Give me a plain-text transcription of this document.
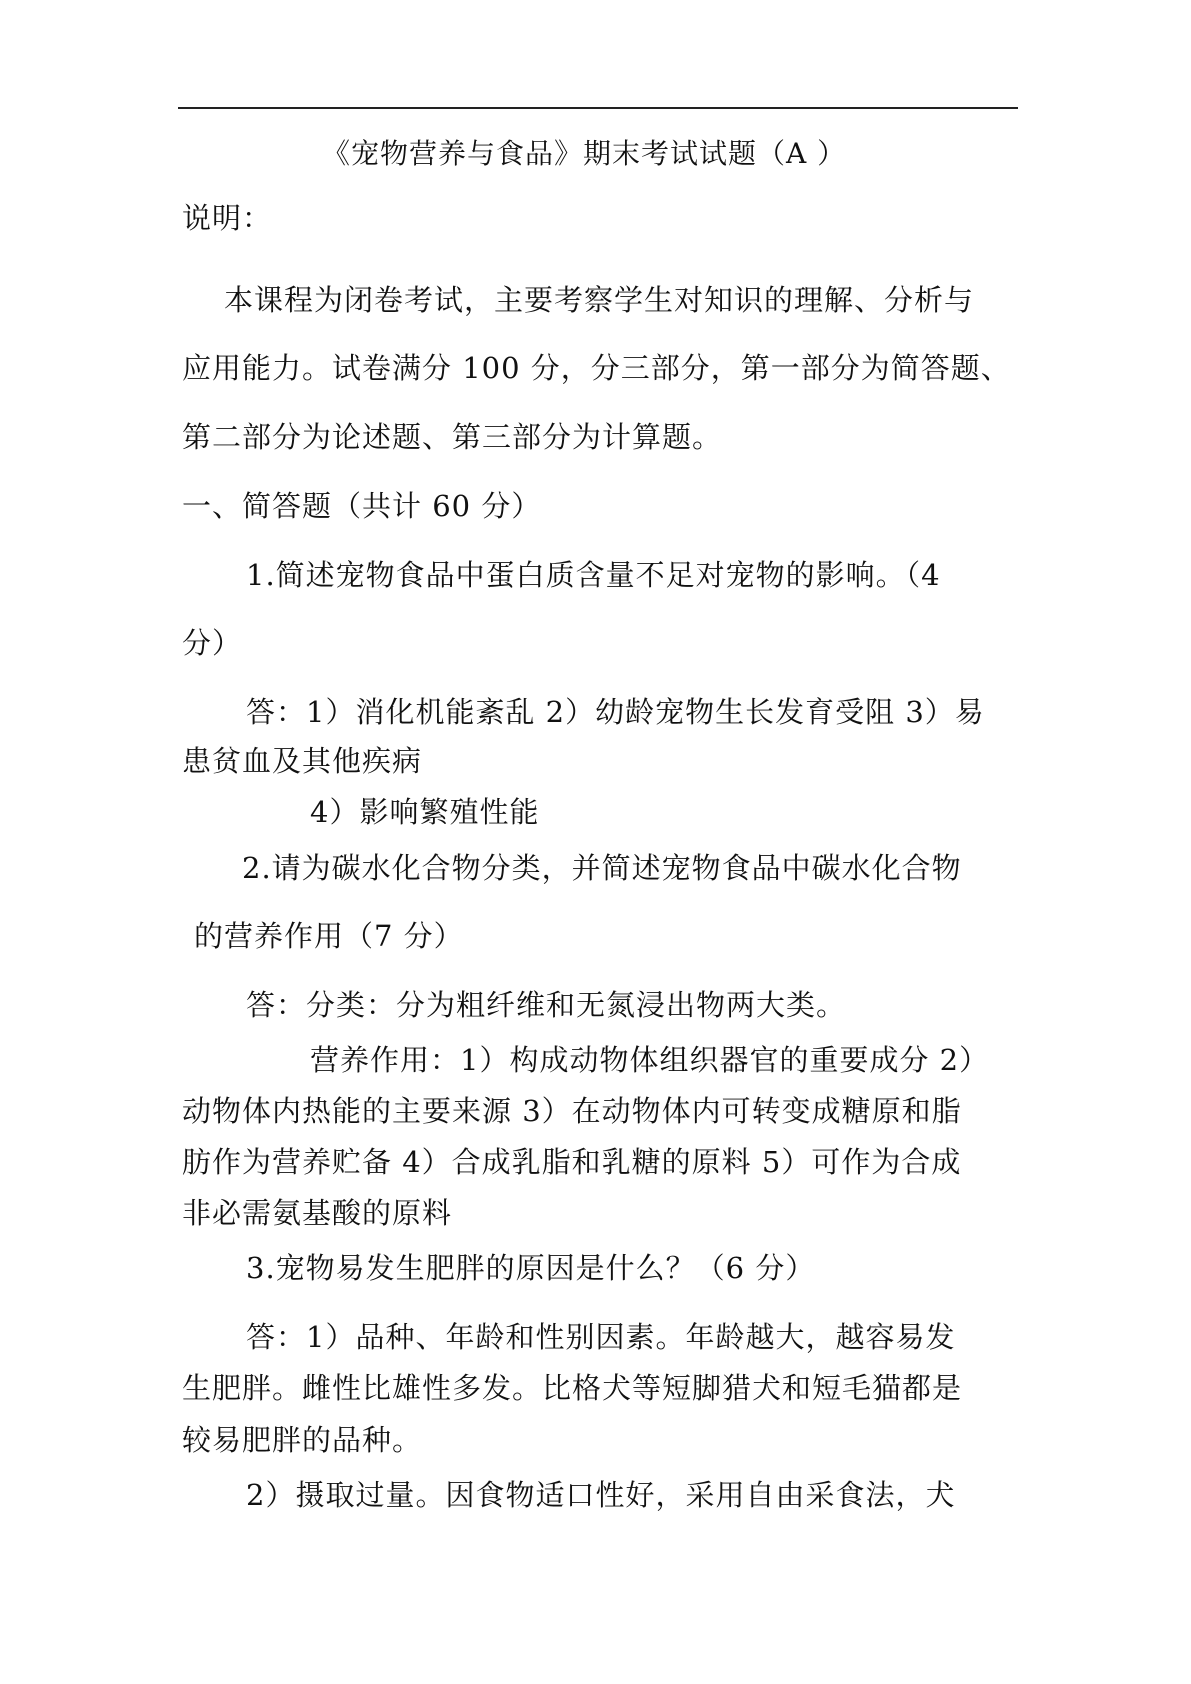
《宠物营养与食品》期末考试试题（A ）
说明：
本课程为闭卷考试，主要考察学生对知识的理解、分析与
应用能力。试卷满分 100 分，分三部分，第一部分为简答题、
第二部分为论述题、第三部分为计算题。
一、简答题（共计 60 分）
1.简述宠物食品中蛋白质含量不足对宠物的影响。（4
分）
答：1）消化机能紊乱 2）幼龄宠物生长发育受阻 3）易
患贫血及其他疾病
4）影响繁殖性能
2.请为碳水化合物分类，并简述宠物食品中碳水化合物
的营养作用（7 分）
答：分类：分为粗纤维和无氮浸出物两大类。
营养作用：1）构成动物体组织器官的重要成分 2）
动物体内热能的主要来源 3）在动物体内可转变成糖原和脂
肪作为营养贮备 4）合成乳脂和乳糖的原料 5）可作为合成
非必需氨基酸的原料
3.宠物易发生肥胖的原因是什么？（6 分）
答：1）品种、年龄和性别因素。年龄越大，越容易发
生肥胖。雌性比雄性多发。比格犬等短脚猎犬和短毛猫都是
较易肥胖的品种。
2）摄取过量。因食物适口性好，采用自由采食法，犬
